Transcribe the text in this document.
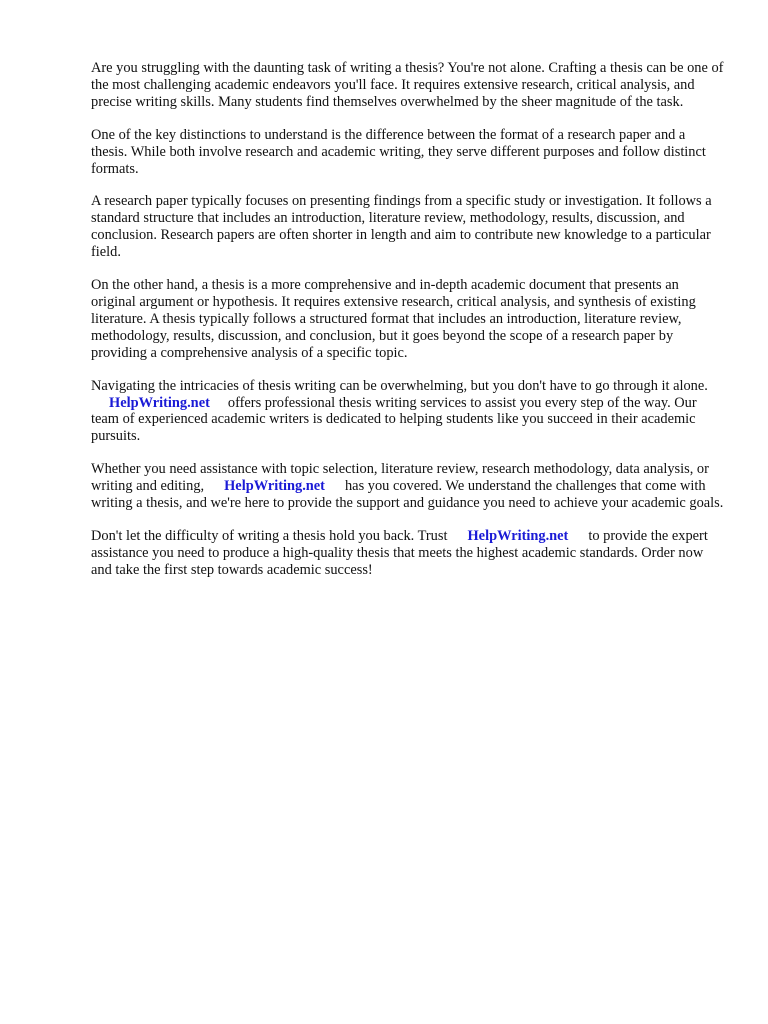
Are you struggling with the daunting task of writing a thesis? You're not alone. Crafting a thesis can be one of the most challenging academic endeavors you'll face. It requires extensive research, critical analysis, and precise writing skills. Many students find themselves overwhelmed by the sheer magnitude of the task.

One of the key distinctions to understand is the difference between the format of a research paper and a thesis. While both involve research and academic writing, they serve different purposes and follow distinct formats.

A research paper typically focuses on presenting findings from a specific study or investigation. It follows a standard structure that includes an introduction, literature review, methodology, results, discussion, and conclusion. Research papers are often shorter in length and aim to contribute new knowledge to a particular field.

On the other hand, a thesis is a more comprehensive and in-depth academic document that presents an original argument or hypothesis. It requires extensive research, critical analysis, and synthesis of existing literature. A thesis typically follows a structured format that includes an introduction, literature review, methodology, results, discussion, and conclusion, but it goes beyond the scope of a research paper by providing a comprehensive analysis of a specific topic.

Navigating the intricacies of thesis writing can be overwhelming, but you don't have to go through it alone.HelpWriting.net offers professional thesis writing services to assist you every step of the way. Our team of experienced academic writers is dedicated to helping students like you succeed in their academic pursuits.

Whether you need assistance with topic selection, literature review, research methodology, data analysis, or writing and editing, HelpWriting.net has you covered. We understand the challenges that come with writing a thesis, and we're here to provide the support and guidance you need to achieve your academic goals.

Don't let the difficulty of writing a thesis hold you back. Trust HelpWriting.net to provide the expert assistance you need to produce a high-quality thesis that meets the highest academic standards. Order now and take the first step towards academic success!
